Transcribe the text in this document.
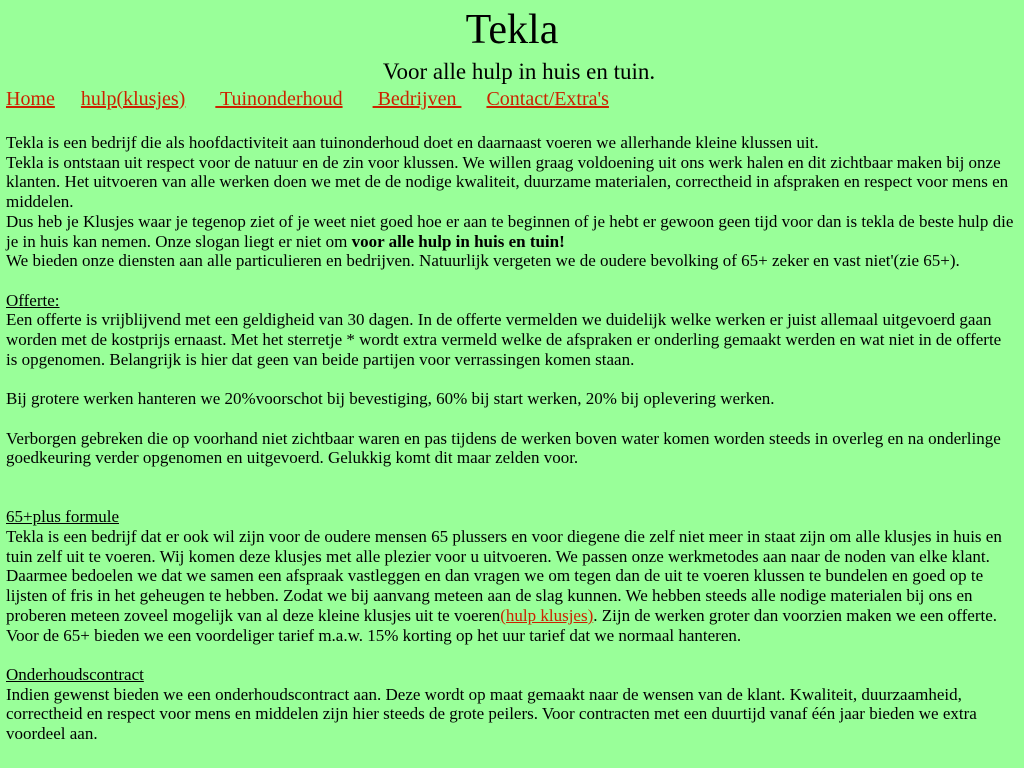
Tekla

Voor alle hulp in huis en tuin.

Home hulp(klusjes) Tuinonderhoud Bedrijven Contact/Extra's

Tekla is een bedrijf die als hoofdactiviteit aan tuinonderhoud doet en daarnaast voeren we allerhande kleine klussen uit.

Tekla is ontstaan uit respect voor de natuur en de zin voor klussen. We willen graag voldoening uit ons werk halen en dit zichtbaar maken bij onze klanten. Het uitvoeren van alle werken doen we met de de nodige kwaliteit, duurzame materialen, correctheid in afspraken en respect voor mens en middelen.

Dus heb je Klusjes waar je tegenop ziet of je weet niet goed hoe er aan te beginnen of je hebt er gewoon geen tijd voor dan is tekla de beste hulp die je in huis kan nemen. Onze slogan liegt er niet om voor alle hulp in huis en tuin!

We bieden onze diensten aan alle particulieren en bedrijven. Natuurlijk vergeten we de oudere bevolking of 65+ zeker en vast niet'(zie 65+).

Offerte:

Een offerte is vrijblijvend met een geldigheid van 30 dagen. In de offerte vermelden we duidelijk welke werken er juist allemaal uitgevoerd gaan worden met de kostprijs ernaast. Met het sterretje * wordt extra vermeld welke de afspraken er onderling gemaakt werden en wat niet in de offerte is opgenomen. Belangrijk is hier dat geen van beide partijen voor verrassingen komen staan.

Bij grotere werken hanteren we 20%voorschot bij bevestiging, 60% bij start werken, 20% bij oplevering werken.

Verborgen gebreken die op voorhand niet zichtbaar waren en pas tijdens de werken boven water komen worden steeds in overleg en na onderlinge goedkeuring verder opgenomen en uitgevoerd. Gelukkig komt dit maar zelden voor.

65+plus formule

Tekla is een bedrijf dat er ook wil zijn voor de oudere mensen 65 plussers en voor diegene die zelf niet meer in staat zijn om alle klusjes in huis en tuin zelf uit te voeren. Wij komen deze klusjes met alle plezier voor u uitvoeren. We passen onze werkmetodes aan naar de noden van elke klant. Daarmee bedoelen we dat we samen een afspraak vastleggen en dan vragen we om tegen dan de uit te voeren klussen te bundelen en goed op te lijsten of fris in het geheugen te hebben. Zodat we bij aanvang meteen aan de slag kunnen. We hebben steeds alle nodige materialen bij ons en proberen meteen zoveel mogelijk van al deze kleine klusjes uit te voeren(hulp klusjes). Zijn de werken groter dan voorzien maken we een offerte.

Voor de 65+ bieden we een voordeliger tarief m.a.w. 15% korting op het uur tarief dat we normaal hanteren.

Onderhoudscontract

Indien gewenst bieden we een onderhoudscontract aan. Deze wordt op maat gemaakt naar de wensen van de klant. Kwaliteit, duurzaamheid, correctheid en respect voor mens en middelen zijn hier steeds de grote peilers. Voor contracten met een duurtijd vanaf één jaar bieden we extra voordeel aan.
